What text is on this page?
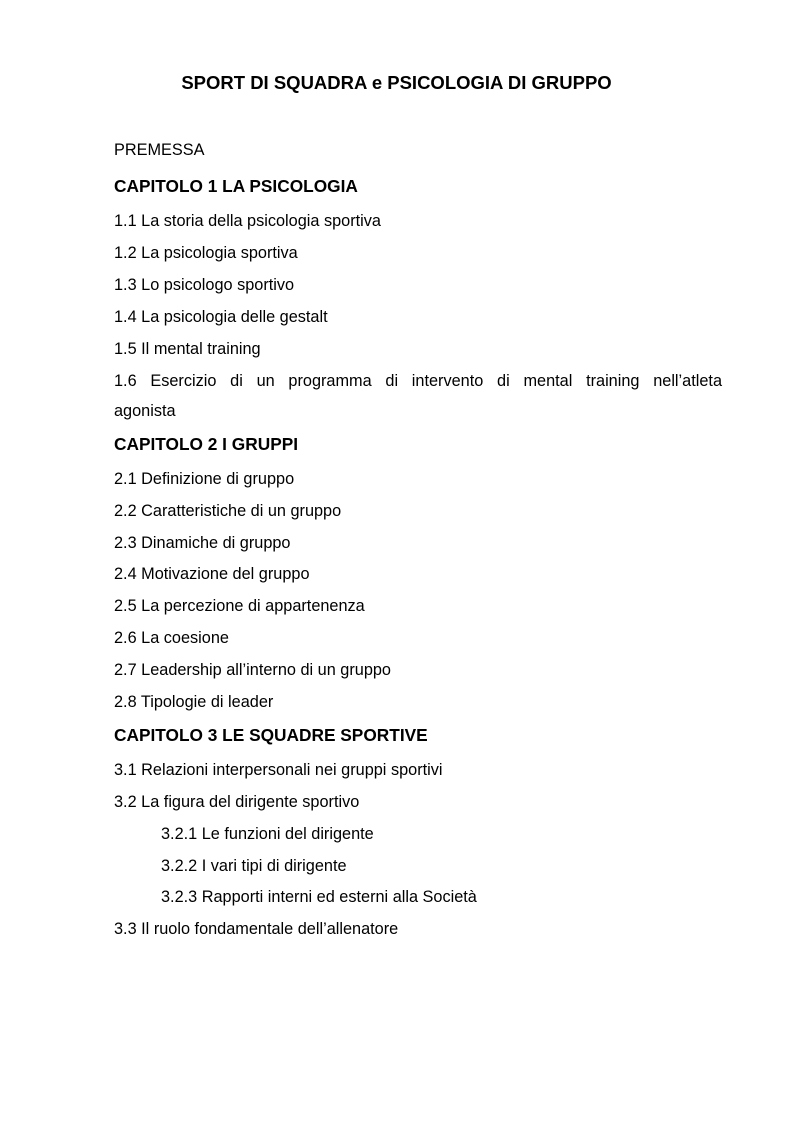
SPORT DI SQUADRA e PSICOLOGIA DI GRUPPO
PREMESSA
CAPITOLO 1 LA PSICOLOGIA
1.1 La storia della psicologia sportiva
1.2 La psicologia sportiva
1.3 Lo psicologo sportivo
1.4 La psicologia delle gestalt
1.5 Il mental training
1.6 Esercizio di un programma di intervento di mental training nell’atleta
agonista
CAPITOLO 2 I GRUPPI
2.1 Definizione di gruppo
2.2 Caratteristiche di un gruppo
2.3 Dinamiche di gruppo
2.4 Motivazione del gruppo
2.5 La percezione di appartenenza
2.6 La coesione
2.7 Leadership all’interno di un gruppo
2.8 Tipologie di leader
CAPITOLO 3 LE SQUADRE SPORTIVE
3.1 Relazioni interpersonali nei gruppi sportivi
3.2 La figura del dirigente sportivo
3.2.1 Le funzioni del dirigente
3.2.2 I vari tipi di dirigente
3.2.3 Rapporti interni ed esterni alla Società
3.3 Il ruolo fondamentale dell’allenatore
